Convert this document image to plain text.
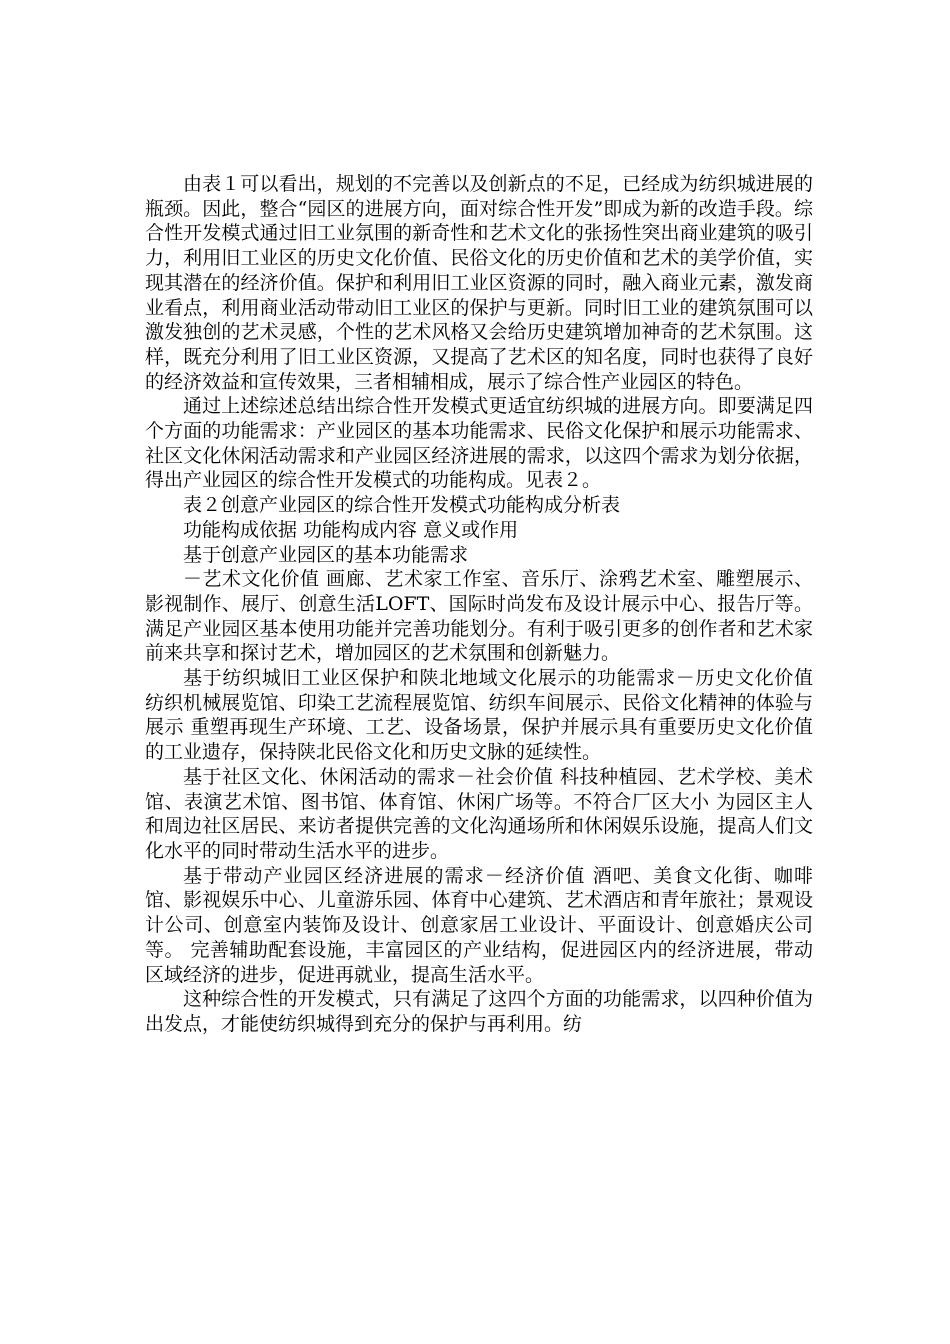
由表１可以看出，规划的不完善以及创新点的不足，已经成为纺织城进展的瓶颈。因此，整合“园区的进展方向，面对综合性开发”即成为新的改造手段。综合性开发模式通过旧工业氛围的新奇性和艺术文化的张扬性突出商业建筑的吸引力，利用旧工业区的历史文化价值、民俗文化的历史价值和艺术的美学价值，实现其潜在的经济价值。保护和利用旧工业区资源的同时，融入商业元素，激发商业看点，利用商业活动带动旧工业区的保护与更新。同时旧工业的建筑氛围可以激发独创的艺术灵感，个性的艺术风格又会给历史建筑增加神奇的艺术氛围。这样，既充分利用了旧工业区资源，又提高了艺术区的知名度，同时也获得了良好的经济效益和宣传效果，三者相辅相成，展示了综合性产业园区的特色。

通过上述综述总结出综合性开发模式更适宜纺织城的进展方向。即要满足四个方面的功能需求：产业园区的基本功能需求、民俗文化保护和展示功能需求、社区文化休闲活动需求和产业园区经济进展的需求，以这四个需求为划分依据，得出产业园区的综合性开发模式的功能构成。见表２。

表２创意产业园区的综合性开发模式功能构成分析表

功能构成依据 功能构成内容 意义或作用

基于创意产业园区的基本功能需求

－艺术文化价值 画廊、艺术家工作室、音乐厅、涂鸦艺术室、雕塑展示、影视制作、展厅、创意生活LOFT、国际时尚发布及设计展示中心、报告厅等。 满足产业园区基本使用功能并完善功能划分。有利于吸引更多的创作者和艺术家前来共享和探讨艺术，增加园区的艺术氛围和创新魅力。

基于纺织城旧工业区保护和陕北地域文化展示的功能需求－历史文化价值 纺织机械展览馆、印染工艺流程展览馆、纺织车间展示、民俗文化精神的体验与展示 重塑再现生产环境、工艺、设备场景，保护并展示具有重要历史文化价值的工业遗存，保持陕北民俗文化和历史文脉的延续性。

基于社区文化、休闲活动的需求－社会价值 科技种植园、艺术学校、美术馆、表演艺术馆、图书馆、体育馆、休闲广场等。不符合厂区大小 为园区主人和周边社区居民、来访者提供完善的文化沟通场所和休闲娱乐设施，提高人们文化水平的同时带动生活水平的进步。

基于带动产业园区经济进展的需求－经济价值 酒吧、美食文化街、咖啡馆、影视娱乐中心、儿童游乐园、体育中心建筑、艺术酒店和青年旅社；景观设计公司、创意室内装饰及设计、创意家居工业设计、平面设计、创意婚庆公司等。 完善辅助配套设施，丰富园区的产业结构，促进园区内的经济进展，带动区域经济的进步，促进再就业，提高生活水平。

这种综合性的开发模式，只有满足了这四个方面的功能需求，以四种价值为出发点，才能使纺织城得到充分的保护与再利用。纺
